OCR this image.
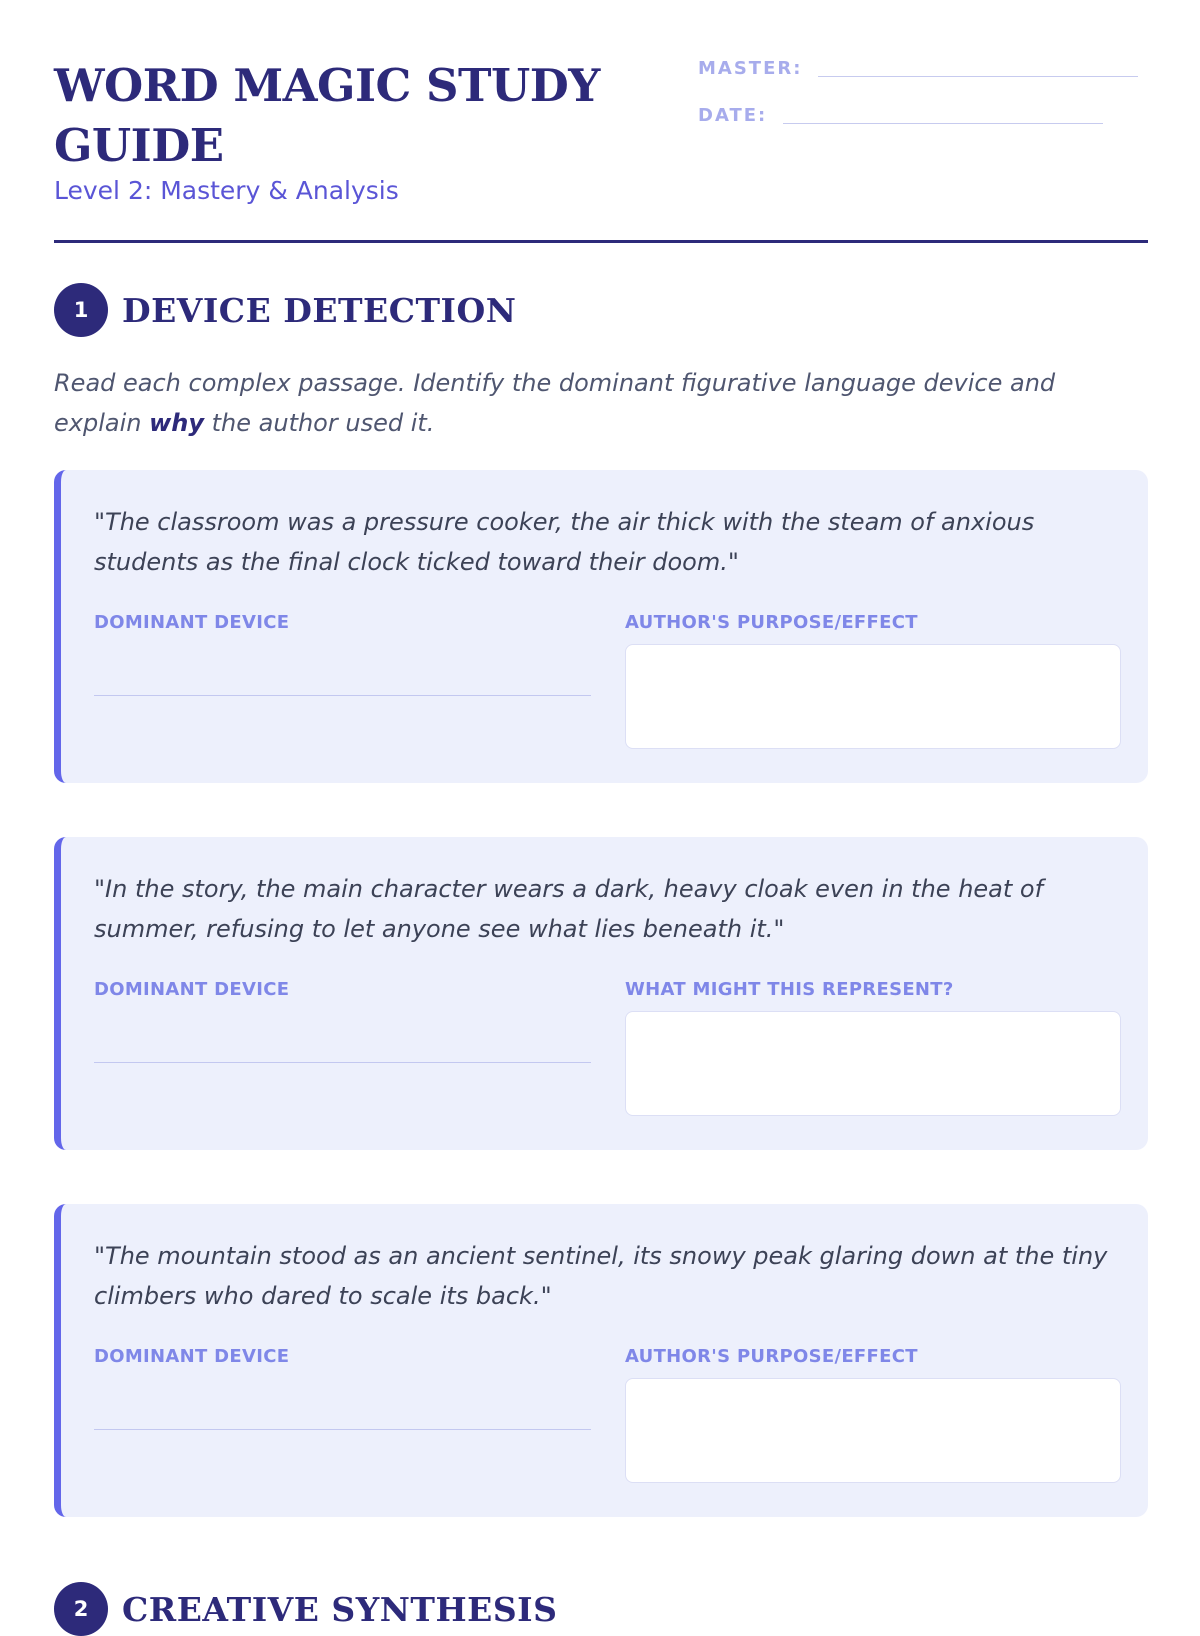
WORD MAGIC STUDY GUIDE
Level 2: Mastery & Analysis
MASTER:
DATE:
1	DEVICE DETECTION
Read each complex passage. Identify the dominant figurative language device and explain why the author used it.
"The classroom was a pressure cooker, the air thick with the steam of anxious students as the final clock ticked toward their doom."
DOMINANT DEVICE	AUTHOR'S PURPOSE/EFFECT
"In the story, the main character wears a dark, heavy cloak even in the heat of summer, refusing to let anyone see what lies beneath it."
DOMINANT DEVICE	WHAT MIGHT THIS REPRESENT?
"The mountain stood as an ancient sentinel, its snowy peak glaring down at the tiny climbers who dared to scale its back."
DOMINANT DEVICE	AUTHOR'S PURPOSE/EFFECT
2	CREATIVE SYNTHESIS
